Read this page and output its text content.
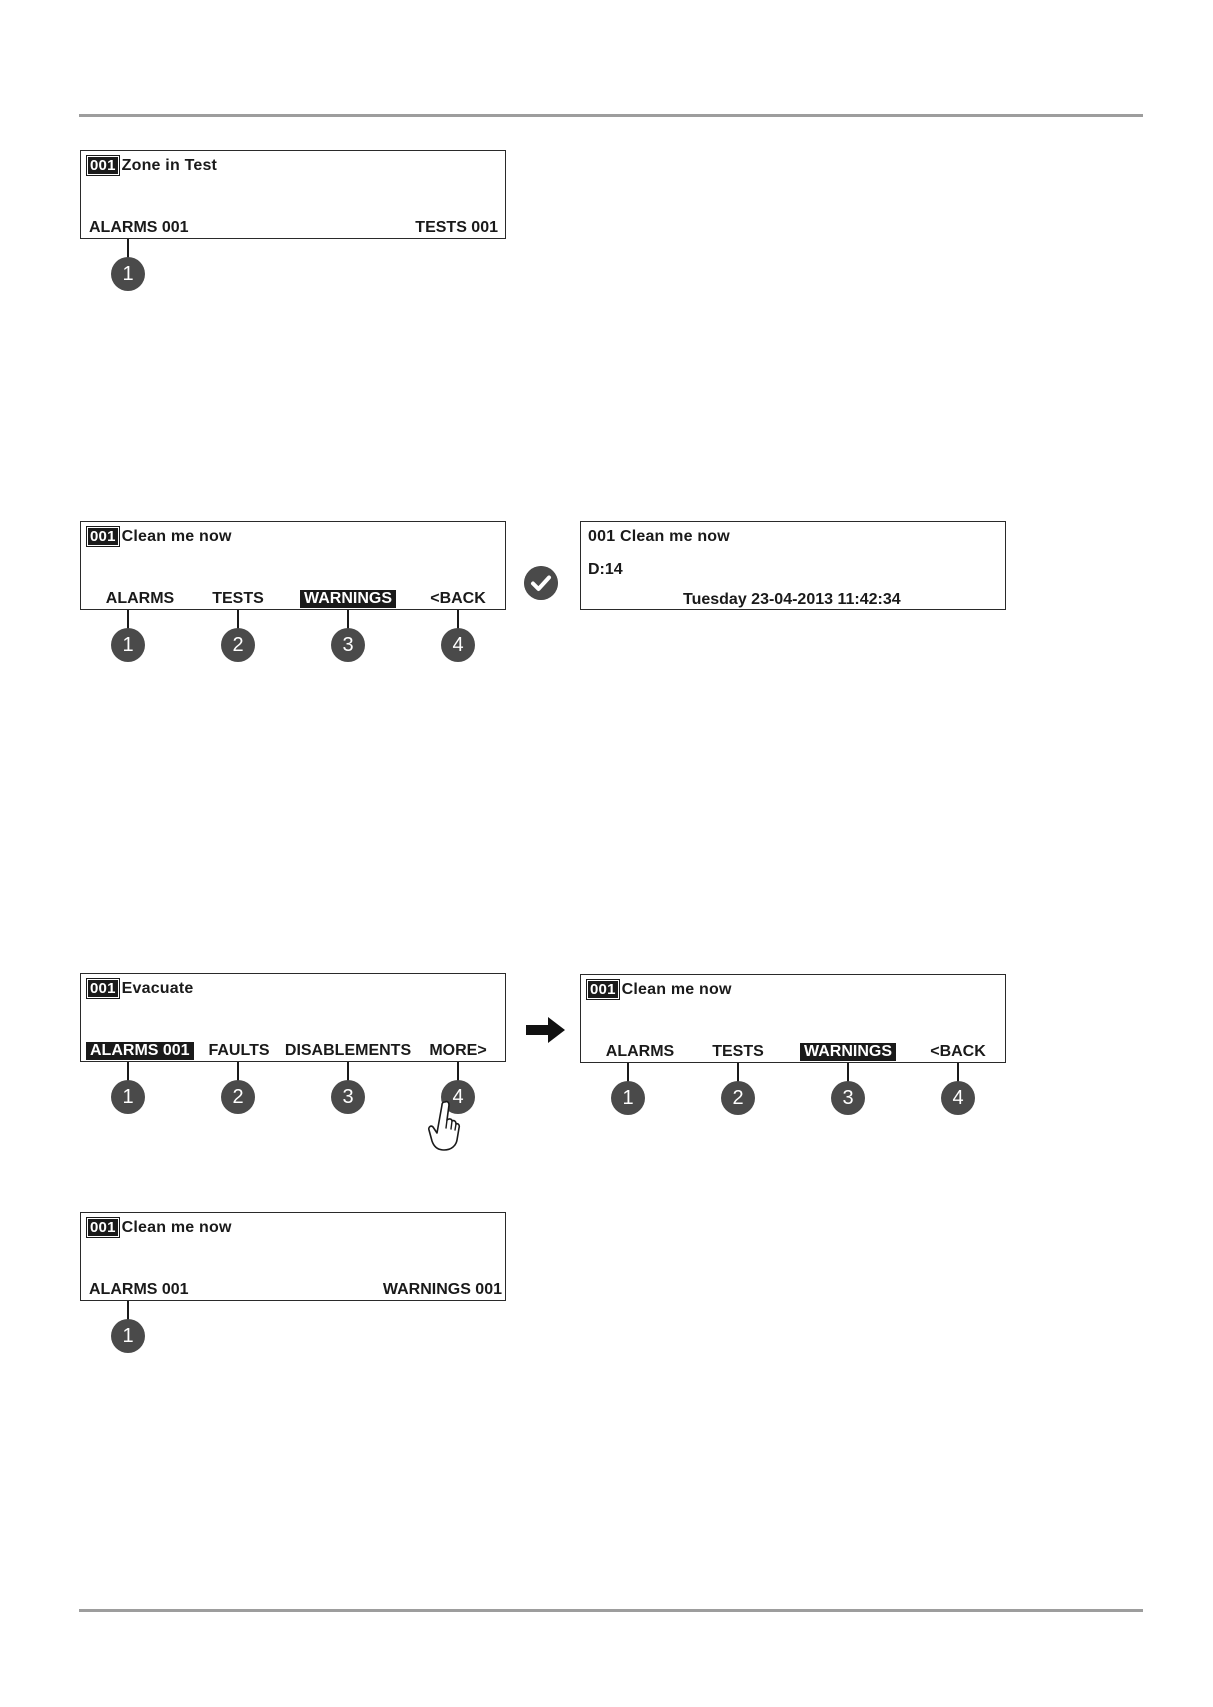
001 Zone in Test
ALARMS 001	TESTS 001
1
001 Clean me now
ALARMS TESTS	WARNINGS <BACK
1	2	3	4
001 Clean me now
D:14
Tuesday 23-04-2013 11:42:34
001 Evacuate
ALARMS 001 FAULTS DISABLEMENTS MORE>
1	2	3	4
001 Clean me now
ALARMS TESTS	WARNINGS <BACK
1	2	3	4
001 Clean me now
ALARMS 001	WARNINGS 001
1
